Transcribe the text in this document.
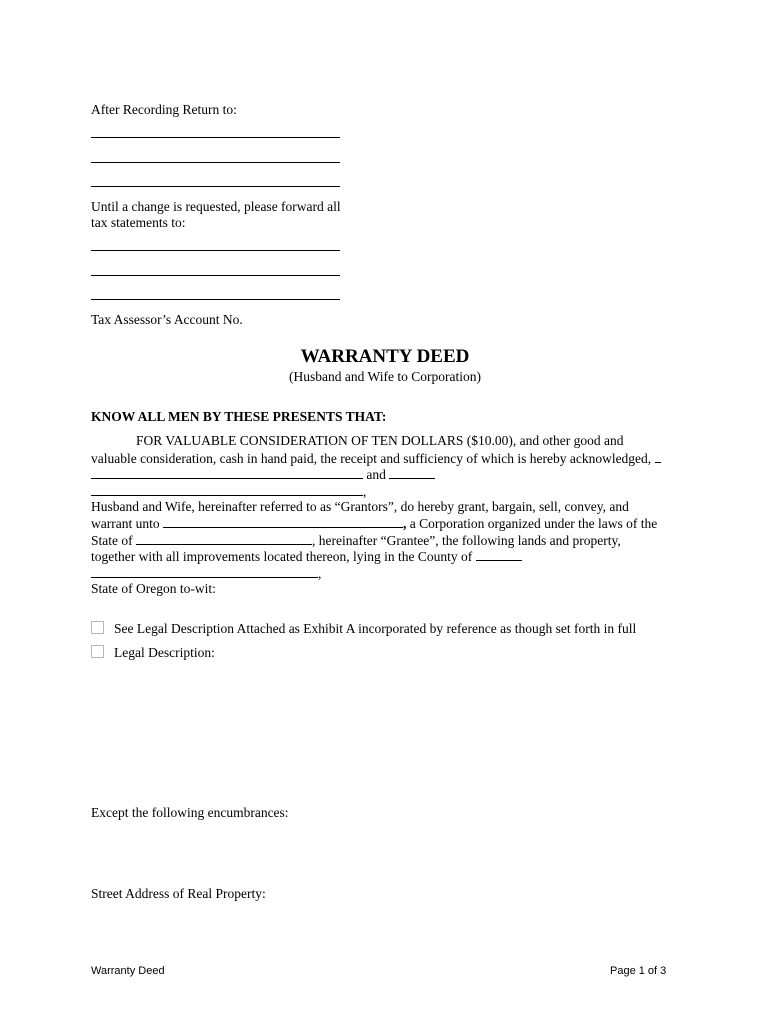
After Recording Return to:
Until a change is requested, please forward all
tax statements to:
Tax Assessor’s Account No.
WARRANTY DEED
(Husband and Wife to Corporation)
KNOW ALL MEN BY THESE PRESENTS THAT:
FOR VALUABLE CONSIDERATION OF TEN DOLLARS ($10.00), and other good and
valuable consideration, cash in hand paid, the receipt and sufficiency of which is hereby acknowledged,
and
,
Husband and Wife, hereinafter referred to as “Grantors”, do hereby grant, bargain, sell, convey, and
warrant unto	, a Corporation organized under the laws of the
State of	, hereinafter “Grantee”, the following lands and property,
together with all improvements located thereon, lying in the County of
,
State of Oregon to-wit:
See Legal Description Attached as Exhibit A incorporated by reference as though set forth in full
Legal Description:
Except the following encumbrances:
Street Address of Real Property:
Warranty Deed	Page 1 of 3
